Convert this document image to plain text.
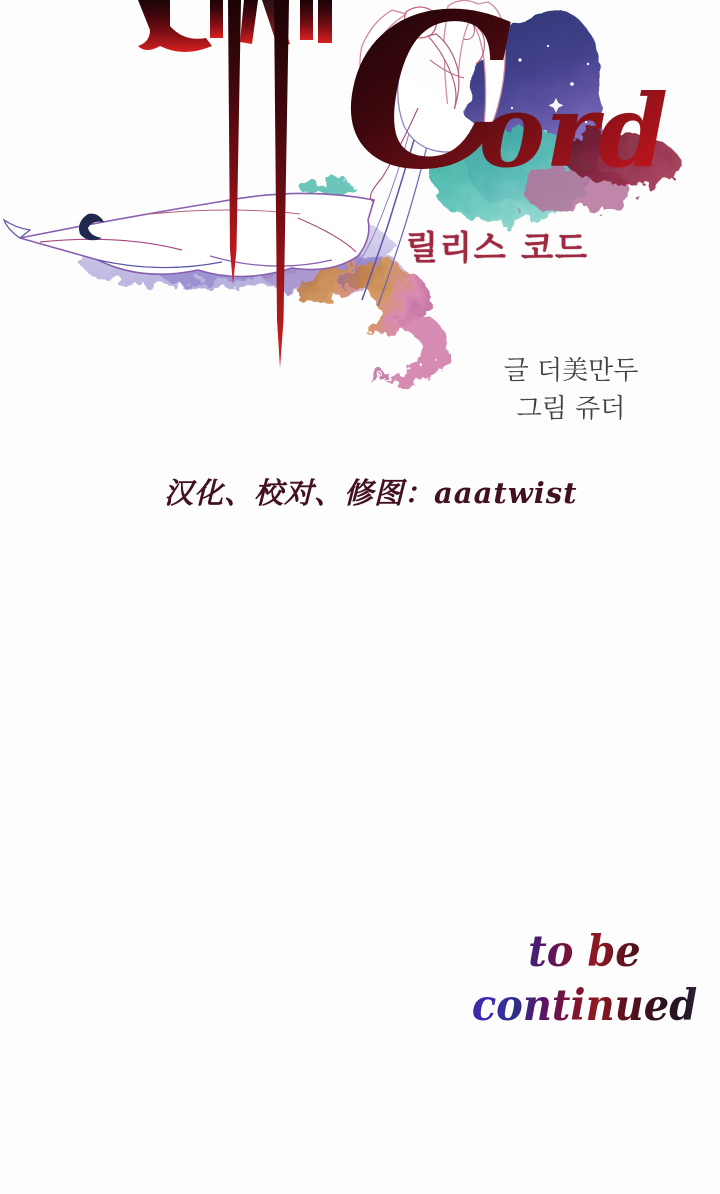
Cord
릴리스 코드
글 더美만두
그림 쥬더
汉化、校对、修图：aaatwist
to be continued
